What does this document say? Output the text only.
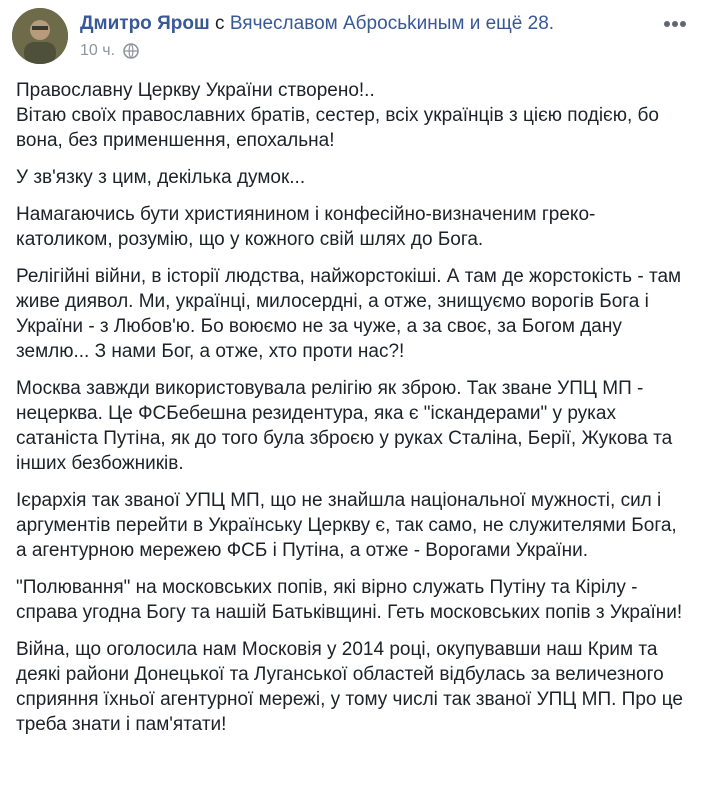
Дмитро Ярош с Вячеславом Абросьkиным и ещё 28.
10 ч.

Православну Церкву України створено!..
Вітаю своїх православних братів, сестер, всіх українців з цією подією, бо вона, без применшення, епохальна!

У зв'язку з цим, декілька думок...

Намагаючись бути християнином і конфесійно-визначеним греко-католиком, розумію, що у кожного свій шлях до Бога.

Релігійні війни, в історії людства, найжорстокіші. А там де жорстокість - там живе диявол. Ми, українці, милосердні, а отже, знищуємо ворогів Бога і України - з Любов'ю. Бо воюємо не за чуже, а за своє, за Богом дану землю... З нами Бог, а отже, хто проти нас?!

Москва завжди використовувала релігію як зброю. Так зване УПЦ МП - нецерква. Це ФСБебешна резидентура, яка є "іскандерами" у руках сатаніста Путіна, як до того була зброєю у руках Сталіна, Берії, Жукова та інших безбожників.

Ієрархія так званої УПЦ МП, що не знайшла національної мужності, сил і аргументів перейти в Українську Церкву є, так само, не служителями Бога, а агентурною мережею ФСБ і Путіна, а отже - Ворогами України.

"Полювання" на московських попів, які вірно служать Путіну та Кірілу - справа угодна Богу та нашій Батьківщині. Геть московських попів з України!

Війна, що оголосила нам Московія у 2014 році, окупувавши наш Крим та деякі райони Донецької та Луганської областей відбулась за величезного сприяння їхньої агентурної мережі, у тому числі так званої УПЦ МП. Про це треба знати і пам'ятати!
